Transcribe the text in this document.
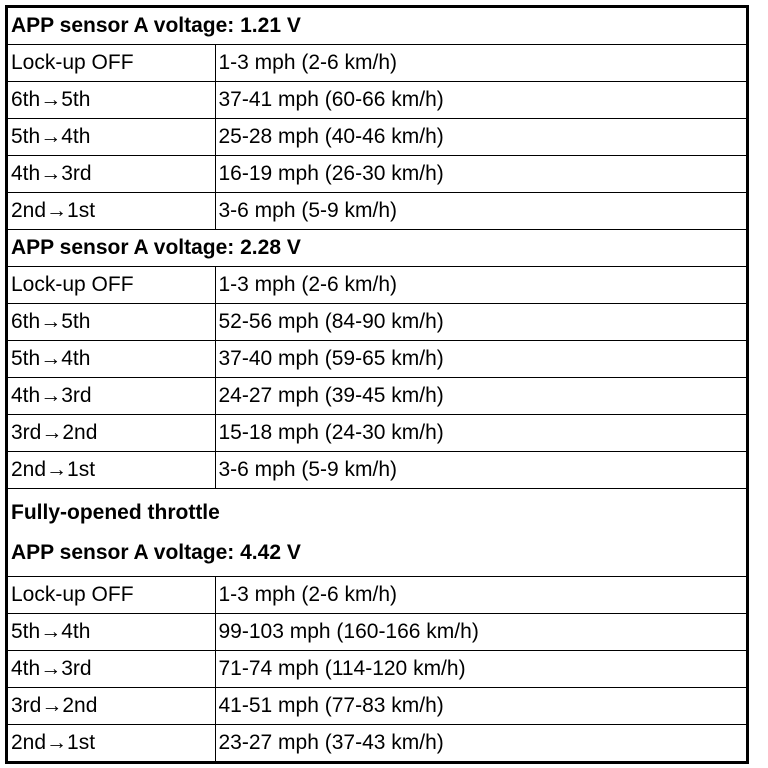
APP sensor A voltage: 1.21 V	
Lock-up OFF	1-3 mph (2-6 km/h)
6th→5th	37-41 mph (60-66 km/h)
5th→4th	25-28 mph (40-46 km/h)
4th→3rd	16-19 mph (26-30 km/h)
2nd→1st	3-6 mph (5-9 km/h)
APP sensor A voltage: 2.28 V	
Lock-up OFF	1-3 mph (2-6 km/h)
6th→5th	52-56 mph (84-90 km/h)
5th→4th	37-40 mph (59-65 km/h)
4th→3rd	24-27 mph (39-45 km/h)
3rd→2nd	15-18 mph (24-30 km/h)
2nd→1st	3-6 mph (5-9 km/h)

Fully-opened throttle
APP sensor A voltage: 4.42 V	

Lock-up OFF	1-3 mph (2-6 km/h)
5th→4th	99-103 mph (160-166 km/h)
4th→3rd	71-74 mph (114-120 km/h)
3rd→2nd	41-51 mph (77-83 km/h)
2nd→1st	23-27 mph (37-43 km/h)
